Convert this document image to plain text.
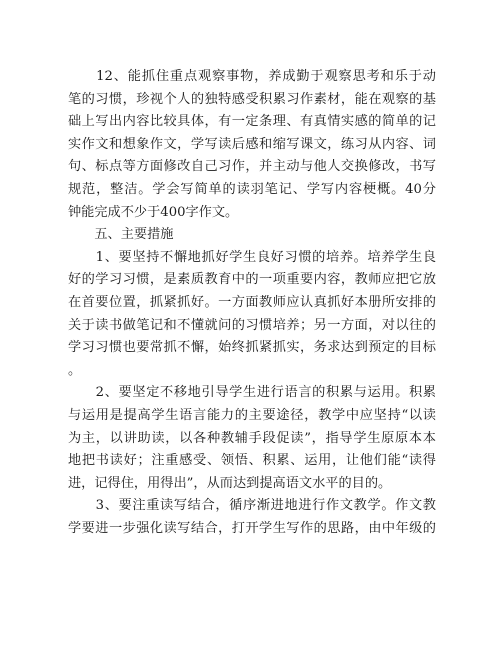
　　12、能抓住重点观察事物，养成勤于观察思考和乐于动
笔的习惯，珍视个人的独特感受积累习作素材，能在观察的基
础上写出内容比较具体，有一定条理、有真情实感的简单的记
实作文和想象作文，学写读后感和缩写课文，练习从内容、词
句、标点等方面修改自己习作，并主动与他人交换修改，书写
规范，整洁。学会写简单的读羽笔记、学写内容梗概。40分
钟能完成不少于400字作文。
　　五、主要措施
　　1、要坚持不懈地抓好学生良好习惯的培养。培养学生良
好的学习习惯，是素质教育中的一项重要内容，教师应把它放
在首要位置，抓紧抓好。一方面教师应认真抓好本册所安排的
关于读书做笔记和不懂就问的习惯培养；另一方面，对以往的
学习习惯也要常抓不懈，始终抓紧抓实，务求达到预定的目标
。
　　2、要坚定不移地引导学生进行语言的积累与运用。积累
与运用是提高学生语言能力的主要途径，教学中应坚持“以读
为主，以讲助读，以各种教辅手段促读”，指导学生原原本本
地把书读好；注重感受、领悟、积累、运用，让他们能“读得
进，记得住，用得出”，从而达到提高语文水平的目的。
　　3、要注重读写结合，循序渐进地进行作文教学。作文教
学要进一步强化读写结合，打开学生写作的思路，由中年级的
